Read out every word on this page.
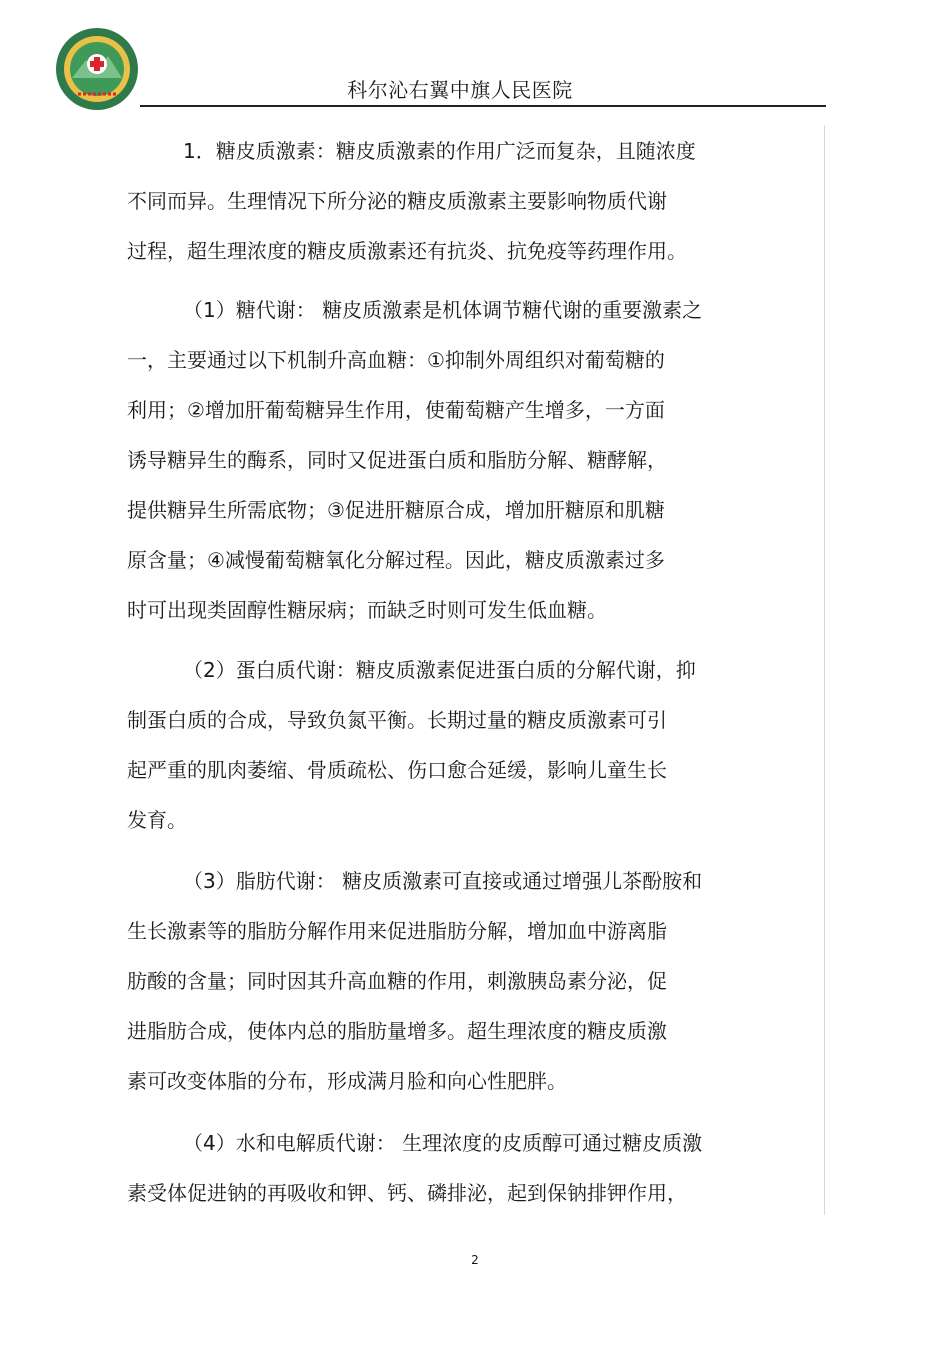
科尔沁右翼中旗人民医院
1．糖皮质激素：糖皮质激素的作用广泛而复杂，且随浓度
不同而异。生理情况下所分泌的糖皮质激素主要影响物质代谢
过程，超生理浓度的糖皮质激素还有抗炎、抗免疫等药理作用。
（1）糖代谢： 糖皮质激素是机体调节糖代谢的重要激素之
一，主要通过以下机制升高血糖：①抑制外周组织对葡萄糖的
利用；②增加肝葡萄糖异生作用，使葡萄糖产生增多，一方面
诱导糖异生的酶系，同时又促进蛋白质和脂肪分解、糖酵解，
提供糖异生所需底物；③促进肝糖原合成，增加肝糖原和肌糖
原含量；④减慢葡萄糖氧化分解过程。因此，糖皮质激素过多
时可出现类固醇性糖尿病；而缺乏时则可发生低血糖。
（2）蛋白质代谢：糖皮质激素促进蛋白质的分解代谢，抑
制蛋白质的合成，导致负氮平衡。长期过量的糖皮质激素可引
起严重的肌肉萎缩、骨质疏松、伤口愈合延缓，影响儿童生长
发育。
（3）脂肪代谢： 糖皮质激素可直接或通过增强儿茶酚胺和
生长激素等的脂肪分解作用来促进脂肪分解，增加血中游离脂
肪酸的含量；同时因其升高血糖的作用，刺激胰岛素分泌，促
进脂肪合成，使体内总的脂肪量增多。超生理浓度的糖皮质激
素可改变体脂的分布，形成满月脸和向心性肥胖。
（4）水和电解质代谢： 生理浓度的皮质醇可通过糖皮质激
素受体促进钠的再吸收和钾、钙、磷排泌，起到保钠排钾作用，
2
